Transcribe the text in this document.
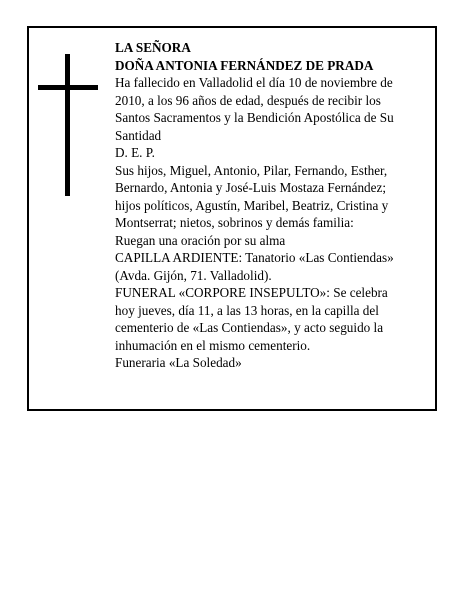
LA SEÑORA

DOÑA ANTONIA FERNÁNDEZ DE PRADA

Ha fallecido en Valladolid el día 10 de noviembre de 2010, a los 96 años de edad, después de recibir los Santos Sacramentos y la Bendición Apostólica de Su Santidad

D. E. P.

Sus hijos, Miguel, Antonio, Pilar, Fernando, Esther, Bernardo, Antonia y José-Luis Mostaza Fernández; hijos políticos, Agustín, Maribel, Beatriz, Cristina y Montserrat; nietos, sobrinos y demás familia:

Ruegan una oración por su alma

CAPILLA ARDIENTE: Tanatorio «Las Contiendas» (Avda. Gijón, 71. Valladolid).

FUNERAL «CORPORE INSEPULTO»: Se celebra hoy jueves, día 11, a las 13 horas, en la capilla del cementerio de «Las Contiendas», y acto seguido la inhumación en el mismo cementerio.

Funeraria «La Soledad»
